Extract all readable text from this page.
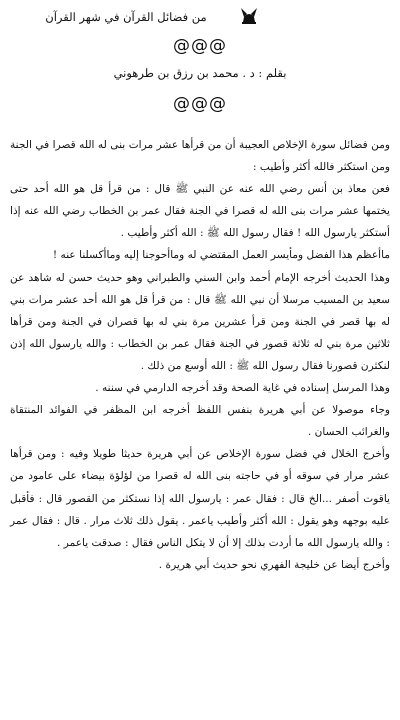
من فضائل القرآن في شهر القرآن
@@@
بقلم : د . محمد بن رزق بن طرهوني
@@@

ومن فضائل سورة الإخلاص العجيبة أن من قرأها عشر مرات بنى له الله قصرا في الجنة ومن استكثر فالله أكثر وأطيب :

فعن معاذ بن أنس رضي الله عنه عن النبي ﷺ قال : من قرأ قل هو الله أحد حتى يختمها عشر مرات بنى الله له قصرا في الجنة فقال عمر بن الخطاب رضي الله عنه إذا أستكثر يارسول الله ! فقال رسول الله ﷺ : الله أكثر وأطيب .

ماأعظم هذا الفضل ومأيسر العمل المقتضي له وماأحوجنا إليه وماأكسلنا عنه !

وهذا الحديث أخرجه الإمام أحمد وابن السني والطبراني وهو حديث حسن له شاهد عن سعيد بن المسيب مرسلا أن نبي الله ﷺ قال : من قرأ قل هو الله أحد عشر مرات بني له بها قصر في الجنة ومن قرأ عشرين مرة بني له بها قصران في الجنة ومن قرأها ثلاثين مرة بني له ثلاثة قصور في الجنة فقال عمر بن الخطاب : والله يارسول الله إذن لنكثرن قصورنا فقال رسول الله ﷺ : الله أوسع من ذلك .

وهذا المرسل إسناده في غاية الصحة وقد أخرجه الدارمي في سننه .

وجاء موصولا عن أبي هريرة بنفس اللفظ أخرجه ابن المظفر في الفوائد المنتقاة والغرائب الحسان .

وأخرج الخلال في فضل سورة الإخلاص عن أبي هريرة حديثا طويلا وفيه : ومن قرأها عشر مرار في سوقه أو في حاجته بنى الله له قصرا من لؤلؤة بيضاء على عامود من ياقوت أصفر ...الخ قال : فقال عمر : يارسول الله إذا نستكثر من القصور قال : فأقبل عليه بوجهه وهو يقول : الله أكثر وأطيب ياعمر . يقول ذلك ثلاث مرار . قال : فقال عمر : والله يارسول الله ما أردت بذلك إلا أن لا يتكل الناس فقال : صدقت ياعمر .

وأخرج أيضا عن خليجة الفهري نحو حديث أبي هريرة .
